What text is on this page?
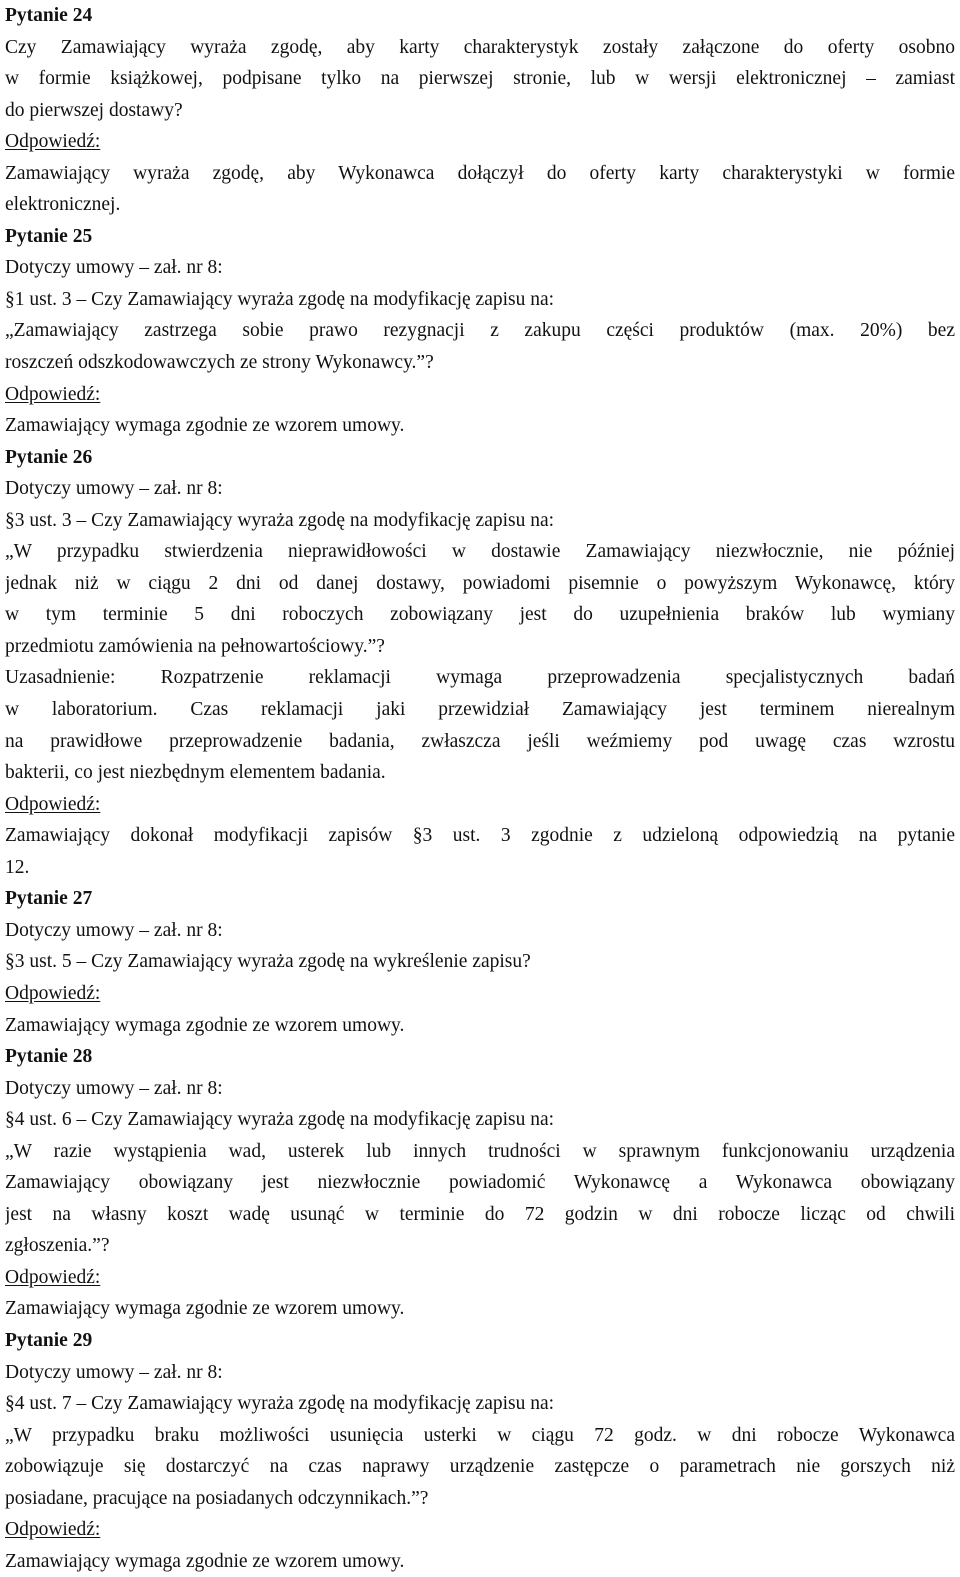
Pytanie 24
Czy Zamawiający wyraża zgodę, aby karty charakterystyk zostały załączone do oferty osobno
w formie książkowej, podpisane tylko na pierwszej stronie, lub w wersji elektronicznej – zamiast
do pierwszej dostawy?
Odpowiedź:
Zamawiający wyraża zgodę, aby Wykonawca dołączył do oferty karty charakterystyki w formie
elektronicznej.
Pytanie 25
Dotyczy umowy – zał. nr 8:
§1 ust. 3 – Czy Zamawiający wyraża zgodę na modyfikację zapisu na:
„Zamawiający zastrzega sobie prawo rezygnacji z zakupu części produktów (max. 20%) bez
roszczeń odszkodowawczych ze strony Wykonawcy.”?
Odpowiedź:
Zamawiający wymaga zgodnie ze wzorem umowy.
Pytanie 26
Dotyczy umowy – zał. nr 8:
§3 ust. 3 – Czy Zamawiający wyraża zgodę na modyfikację zapisu na:
„W przypadku stwierdzenia nieprawidłowości w dostawie Zamawiający niezwłocznie, nie później
jednak niż w ciągu 2 dni od danej dostawy, powiadomi pisemnie o powyższym Wykonawcę, który
w tym terminie 5 dni roboczych zobowiązany jest do uzupełnienia braków lub wymiany
przedmiotu zamówienia na pełnowartościowy.”?
Uzasadnienie: Rozpatrzenie reklamacji wymaga przeprowadzenia specjalistycznych badań
w laboratorium. Czas reklamacji jaki przewidział Zamawiający jest terminem nierealnym
na prawidłowe przeprowadzenie badania, zwłaszcza jeśli weźmiemy pod uwagę czas wzrostu
bakterii, co jest niezbędnym elementem badania.
Odpowiedź:
Zamawiający dokonał modyfikacji zapisów §3 ust. 3 zgodnie z udzieloną odpowiedzią na pytanie
12.
Pytanie 27
Dotyczy umowy – zał. nr 8:
§3 ust. 5 – Czy Zamawiający wyraża zgodę na wykreślenie zapisu?
Odpowiedź:
Zamawiający wymaga zgodnie ze wzorem umowy.
Pytanie 28
Dotyczy umowy – zał. nr 8:
§4 ust. 6 – Czy Zamawiający wyraża zgodę na modyfikację zapisu na:
„W razie wystąpienia wad, usterek lub innych trudności w sprawnym funkcjonowaniu urządzenia
Zamawiający obowiązany jest niezwłocznie powiadomić Wykonawcę a Wykonawca obowiązany
jest na własny koszt wadę usunąć w terminie do 72 godzin w dni robocze licząc od chwili
zgłoszenia.”?
Odpowiedź:
Zamawiający wymaga zgodnie ze wzorem umowy.
Pytanie 29
Dotyczy umowy – zał. nr 8:
§4 ust. 7 – Czy Zamawiający wyraża zgodę na modyfikację zapisu na:
„W przypadku braku możliwości usunięcia usterki w ciągu 72 godz. w dni robocze Wykonawca
zobowiązuje się dostarczyć na czas naprawy urządzenie zastępcze o parametrach nie gorszych niż
posiadane, pracujące na posiadanych odczynnikach.”?
Odpowiedź:
Zamawiający wymaga zgodnie ze wzorem umowy.
